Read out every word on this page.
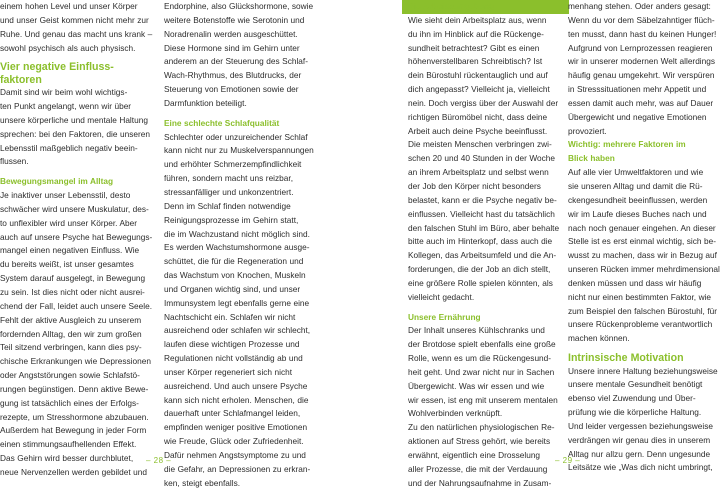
einem hohen Level und unser Körper
und unser Geist kommen nicht mehr zur
Ruhe. Und genau das macht uns krank –
sowohl psychisch als auch physisch.
Vier negative Einfluss-
faktoren
Damit sind wir beim wohl wichtigs-
ten Punkt angelangt, wenn wir über
unsere körperliche und mentale Haltung
sprechen: bei den Faktoren, die unseren
Lebensstil maßgeblich negativ beein-
flussen.
Bewegungsmangel im Alltag
Je inaktiver unser Lebensstil, desto
schwächer wird unsere Muskulatur, des-
to unflexibler wird unser Körper. Aber
auch auf unsere Psyche hat Bewegungs-
mangel einen negativen Einfluss. Wie
du bereits weißt, ist unser gesamtes
System darauf ausgelegt, in Bewegung
zu sein. Ist dies nicht oder nicht ausrei-
chend der Fall, leidet auch unsere Seele.
Fehlt der aktive Ausgleich zu unserem
fordernden Alltag, den wir zum großen
Teil sitzend verbringen, kann dies psy-
chische Erkrankungen wie Depressionen
oder Angststörungen sowie Schlafstö-
rungen begünstigen. Denn aktive Bewe-
gung ist tatsächlich eines der Erfolgs-
rezepte, um Stresshormone abzubauen.
Außerdem hat Bewegung in jeder Form
einen stimmungsaufhellenden Effekt.
Das Gehirn wird besser durchblutet,
neue Nervenzellen werden gebildet und
Endorphine, also Glückshormone, sowie
weitere Botenstoffe wie Serotonin und
Noradrenalin werden ausgeschüttet.
Diese Hormone sind im Gehirn unter
anderem an der Steuerung des Schlaf-
Wach-Rhythmus, des Blutdrucks, der
Steuerung von Emotionen sowie der
Darmfunktion beteiligt.
Eine schlechte Schlafqualität
Schlechter oder unzureichender Schlaf
kann nicht nur zu Muskelverspannungen
und erhöhter Schmerzempfindlichkeit
führen, sondern macht uns reizbar,
stressanfälliger und unkonzentriert.
Denn im Schlaf finden notwendige
Reinigungsprozesse im Gehirn statt,
die im Wachzustand nicht möglich sind.
Es werden Wachstumshormone ausge-
schüttet, die für die Regeneration und
das Wachstum von Knochen, Muskeln
und Organen wichtig sind, und unser
Immunsystem legt ebenfalls gerne eine
Nachtschicht ein. Schlafen wir nicht
ausreichend oder schlafen wir schlecht,
laufen diese wichtigen Prozesse und
Regulationen nicht vollständig ab und
unser Körper regeneriert sich nicht
ausreichend. Und auch unsere Psyche
kann sich nicht erholen. Menschen, die
dauerhaft unter Schlafmangel leiden,
empfinden weniger positive Emotionen
wie Freude, Glück oder Zufriedenheit.
Dafür nehmen Angstsymptome zu und
die Gefahr, an Depressionen zu erkran-
ken, steigt ebenfalls.
Die Arbeitsumgebung
Wie sieht dein Arbeitsplatz aus, wenn
du ihn im Hinblick auf die Rückenge-
sundheit betrachtest? Gibt es einen
höhenverstellbaren Schreibtisch? Ist
dein Bürostuhl rückentauglich und auf
dich angepasst? Vielleicht ja, vielleicht
nein. Doch vergiss über der Auswahl der
richtigen Büromöbel nicht, dass deine
Arbeit auch deine Psyche beeinflusst.
Die meisten Menschen verbringen zwi-
schen 20 und 40 Stunden in der Woche
an ihrem Arbeitsplatz und selbst wenn
der Job den Körper nicht besonders
belastet, kann er die Psyche negativ be-
einflussen. Vielleicht hast du tatsächlich
den falschen Stuhl im Büro, aber behalte
bitte auch im Hinterkopf, dass auch die
Kollegen, das Arbeitsumfeld und die An-
forderungen, die der Job an dich stellt,
eine größere Rolle spielen könnten, als
vielleicht gedacht.
Unsere Ernährung
Der Inhalt unseres Kühlschranks und
der Brotdose spielt ebenfalls eine große
Rolle, wenn es um die Rückengesund-
heit geht. Und zwar nicht nur in Sachen
Übergewicht. Was wir essen und wie
wir essen, ist eng mit unserem mentalen
Wohlverbinden verknüpft.
Zu den natürlichen physiologischen Re-
aktionen auf Stress gehört, wie bereits
erwähnt, eigentlich eine Drosselung
aller Prozesse, die mit der Verdauung
und der Nahrungsaufnahme in Zusam-
menhang stehen. Oder anders gesagt:
Wenn du vor dem Säbelzahntiger flüch-
ten musst, dann hast du keinen Hunger!
Aufgrund von Lernprozessen reagieren
wir in unserer modernen Welt allerdings
häufig genau umgekehrt. Wir verspüren
in Stresssituationen mehr Appetit und
essen damit auch mehr, was auf Dauer
Übergewicht und negative Emotionen
provoziert.
Wichtig: mehrere Faktoren im
Blick haben
Auf alle vier Umweltfaktoren und wie
sie unseren Alltag und damit die Rü-
ckengesundheit beeinflussen, werden
wir im Laufe dieses Buches nach und
nach noch genauer eingehen. An dieser
Stelle ist es erst einmal wichtig, sich be-
wusst zu machen, dass wir in Bezug auf
unseren Rücken immer mehrdimensional
denken müssen und dass wir häufig
nicht nur einen bestimmten Faktor, wie
zum Beispiel den falschen Bürostuhl, für
unsere Rückenprobleme verantwortlich
machen können.
Intrinsische Motivation
Unsere innere Haltung beziehungsweise
unsere mentale Gesundheit benötigt
ebenso viel Zuwendung und Über-
prüfung wie die körperliche Haltung.
Und leider vergessen beziehungsweise
verdrängen wir genau dies in unserem
Alltag nur allzu gern. Denn ungesunde
Leitsätze wie „Was dich nicht umbringt,
– 28 –	– 29 –
